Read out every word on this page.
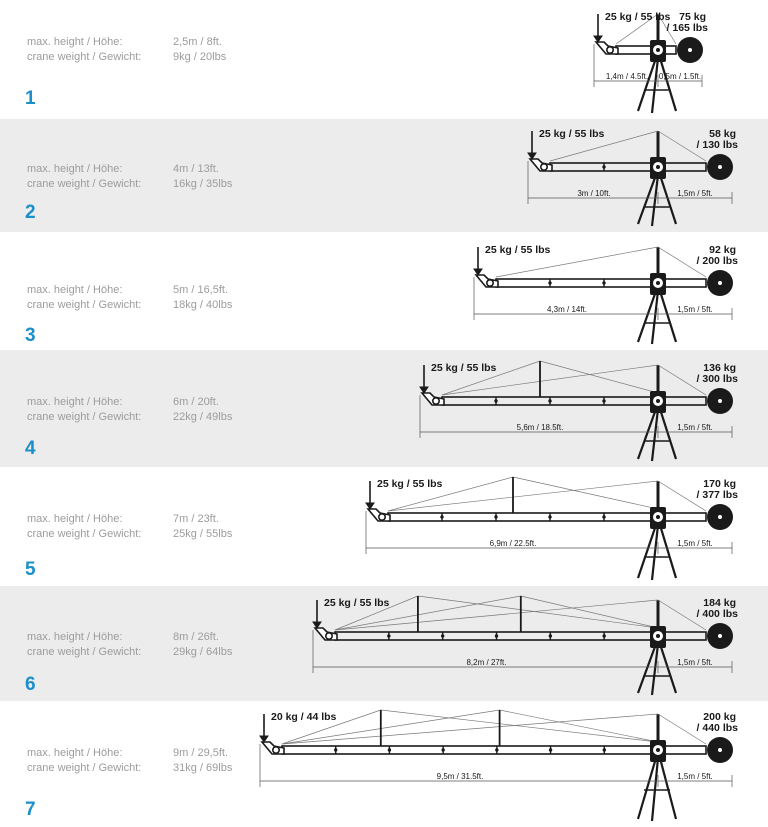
1
max. height / Höhe:	2,5m / 8ft.
crane weight / Gewicht:	9kg / 20lbs
25 kg / 55 lbs 75 kg
/ 165 lbs
1,4m / 4.5ft. 0,5m / 1.5ft.
2
max. height / Höhe:	4m / 13ft.
crane weight / Gewicht:	16kg / 35lbs
25 kg / 55 lbs	58 kg
/ 130 lbs
3m / 10ft.	1,5m / 5ft.
3
max. height / Höhe:	5m / 16,5ft.
crane weight / Gewicht:	18kg / 40lbs
25 kg / 55 lbs	92 kg
/ 200 lbs
4,3m / 14ft.	1,5m / 5ft.
4
max. height / Höhe:	6m / 20ft.
crane weight / Gewicht:	22kg / 49lbs
25 kg / 55 lbs	136 kg
/ 300 lbs
5,6m / 18.5ft.	1,5m / 5ft.
5
max. height / Höhe:	7m / 23ft.
crane weight / Gewicht:	25kg / 55lbs
25 kg / 55 lbs	170 kg
/ 377 lbs
6,9m / 22.5ft.	1,5m / 5ft.
6
max. height / Höhe:	8m / 26ft.
crane weight / Gewicht:	29kg / 64lbs
25 kg / 55 lbs	184 kg
/ 400 lbs
8,2m / 27ft.	1,5m / 5ft.
7
max. height / Höhe:	9m / 29,5ft.
crane weight / Gewicht:	31kg / 69lbs
20 kg / 44 lbs	200 kg
/ 440 lbs
9,5m / 31.5ft.	1,5m / 5ft.
